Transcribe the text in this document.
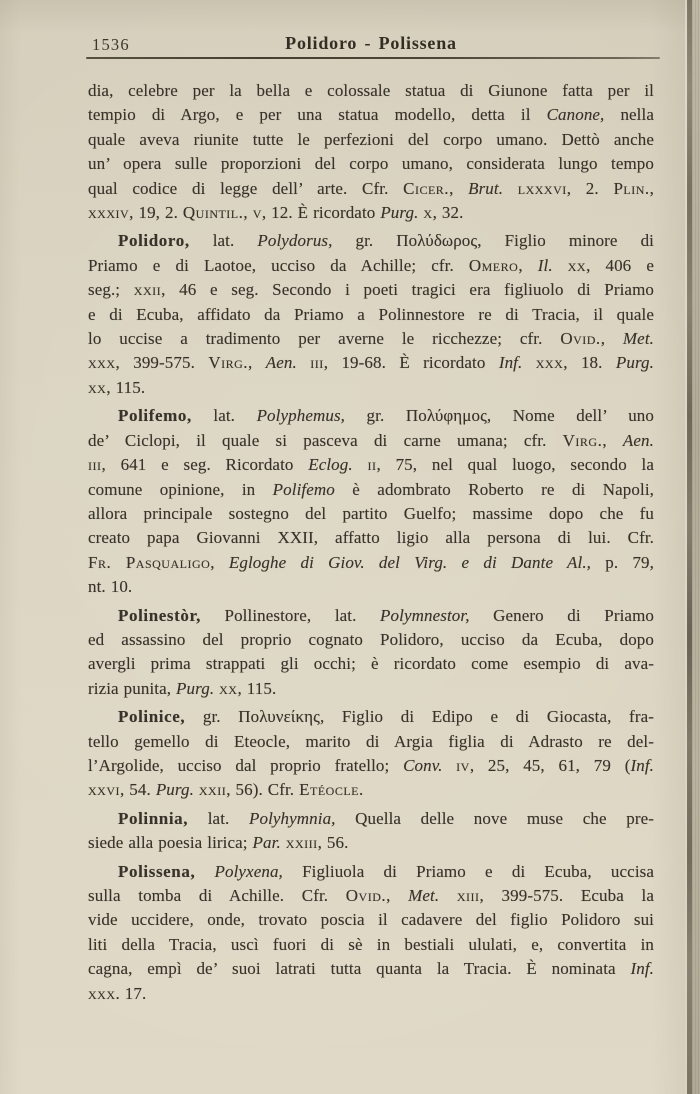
1536	Polidoro - Polissena
dia, celebre per la bella e colossale statua di Giunone fatta per il
tempio di Argo, e per una statua modello, detta il Canone, nella
quale aveva riunite tutte le perfezioni del corpo umano. Dettò anche
un’ opera sulle proporzioni del corpo umano, considerata lungo tempo
qual codice di legge dell’ arte. Cfr. Cicer., Brut. lxxxvi, 2. Plin.,
xxxiv, 19, 2. Quintil., v, 12. È ricordato Purg. x, 32.
Polidoro, lat. Polydorus, gr. Πολύδωρος, Figlio minore di
Priamo e di Laotoe, ucciso da Achille; cfr. Omero, Il. xx, 406 e
seg.; xxii, 46 e seg. Secondo i poeti tragici era figliuolo di Priamo
e di Ecuba, affidato da Priamo a Polinnestore re di Tracia, il quale
lo uccise a tradimento per averne le ricchezze; cfr. Ovid., Met.
xxx, 399-575. Virg., Aen. iii, 19-68. È ricordato Inf. xxx, 18. Purg.
xx, 115.
Polifemo, lat. Polyphemus, gr. Πολύφημος, Nome dell’ uno
de’ Ciclopi, il quale si pasceva di carne umana; cfr. Virg., Aen.
iii, 641 e seg. Ricordato Eclog. ii, 75, nel qual luogo, secondo la
comune opinione, in Polifemo è adombrato Roberto re di Napoli,
allora principale sostegno del partito Guelfo; massime dopo che fu
creato papa Giovanni XXII, affatto ligio alla persona di lui. Cfr.
Fr. Pasqualigo, Egloghe di Giov. del Virg. e di Dante Al., p. 79,
nt. 10.
Polinestòr, Pollinestore, lat. Polymnestor, Genero di Priamo
ed assassino del proprio cognato Polidoro, ucciso da Ecuba, dopo
avergli prima strappati gli occhi; è ricordato come esempio di ava-
rizia punita, Purg. xx, 115.
Polinice, gr. Πολυνείκης, Figlio di Edipo e di Giocasta, fra-
tello gemello di Eteocle, marito di Argia figlia di Adrasto re del-
l’Argolide, ucciso dal proprio fratello; Conv. iv, 25, 45, 61, 79 (Inf.
xxvi, 54. Purg. xxii, 56). Cfr. Etéocle.
Polinnia, lat. Polyhymnia, Quella delle nove muse che pre-
siede alla poesia lirica; Par. xxiii, 56.
Polissena, Polyxena, Figliuola di Priamo e di Ecuba, uccisa
sulla tomba di Achille. Cfr. Ovid., Met. xiii, 399-575. Ecuba la
vide uccidere, onde, trovato poscia il cadavere del figlio Polidoro sui
liti della Tracia, uscì fuori di sè in bestiali ululati, e, convertita in
cagna, empì de’ suoi latrati tutta quanta la Tracia. È nominata Inf.
xxx. 17.
